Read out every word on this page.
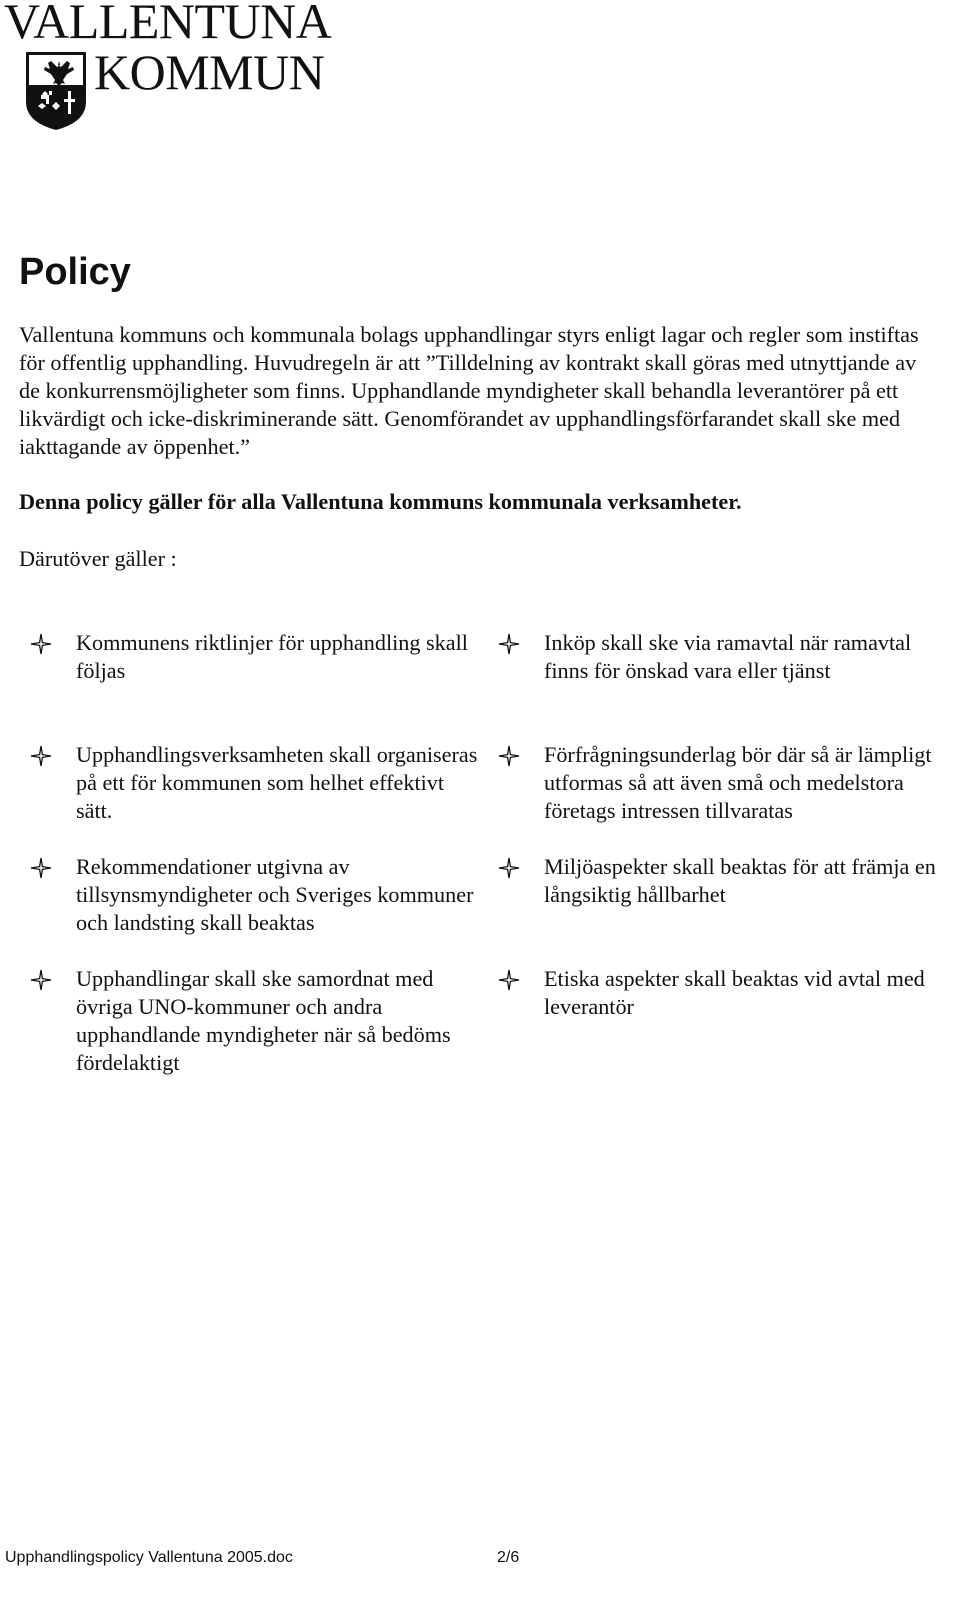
VALLENTUNA
KOMMUN
Policy

Vallentuna kommuns och kommunala bolags upphandlingar styrs enligt lagar och regler som instiftas för offentlig upphandling. Huvudregeln är att ”Tilldelning av kontrakt skall göras med utnyttjande av de konkurrensmöjligheter som finns. Upphandlande myndigheter skall behandla leverantörer på ett likvärdigt och icke-diskriminerande sätt. Genomförandet av upphandlingsförfarandet skall ske med iakttagande av öppenhet.”

Denna policy gäller för alla Vallentuna kommuns kommunala verksamheter.

Därutöver gäller :

Kommunens riktlinjer för upphandling skall följas
Upphandlingsverksamheten skall organiseras på ett för kommunen som helhet effektivt sätt.
Rekommendationer utgivna av tillsynsmyndigheter och Sveriges kommuner och landsting skall beaktas
Upphandlingar skall ske samordnat med övriga UNO-kommuner och andra upphandlande myndigheter när så bedöms fördelaktigt
Inköp skall ske via ramavtal när ramavtal finns för önskad vara eller tjänst
Förfrågningsunderlag bör där så är lämpligt utformas så att även små och medelstora företags intressen tillvaratas
Miljöaspekter skall beaktas för att främja en långsiktig hållbarhet
Etiska aspekter skall beaktas vid avtal med leverantör
Upphandlingspolicy Vallentuna 2005.doc	2/6
